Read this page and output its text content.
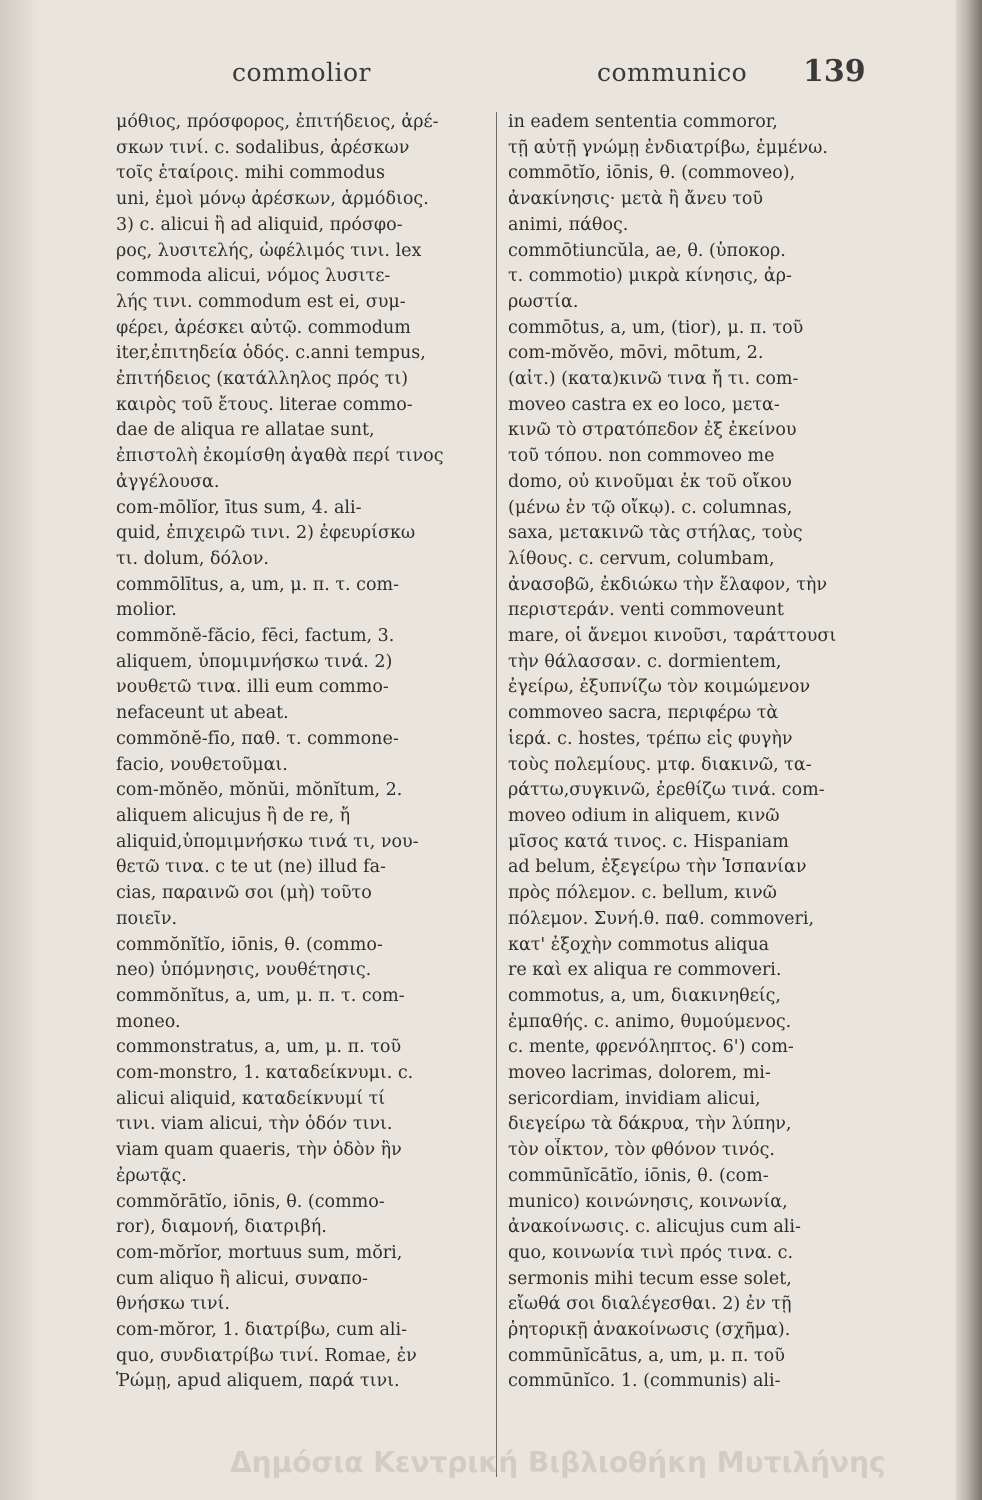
commolior	communico 139
μόθιος, πρόσφορος, ἐπιτήδειος, ἀρέ-
σκων τινί. c. sodalibus, ἀρέσκων
τοῖς ἑταίροις. mihi commodus
uni, ἐμοὶ μόνῳ ἀρέσκων, ἁρμόδιος.
3) c. alicui ἢ ad aliquid, πρόσφο-
ρος, λυσιτελής, ὠφέλιμός τινι. lex
commoda alicui, νόμος λυσιτε-
λής τινι. commodum est ei, συμ-
φέρει, ἀρέσκει αὐτῷ. commodum
iter,ἐπιτηδεία ὁδός. c.anni tempus,
ἐπιτήδειος (κατάλληλος πρός τι)
καιρὸς τοῦ ἔτους. literae commo-
dae de aliqua re allatae sunt,
ἐπιστολὴ ἐκομίσθη ἀγαθὰ περί τινος
ἀγγέλουσα.
com-mōlĭor, ītus sum, 4. ali-
quid, ἐπιχειρῶ τινι. 2) ἐφευρίσκω
τι. dolum, δόλον.
commōlītus, a, um, μ. π. τ. com-
molior.
commŏnĕ-făcio, fēci, factum, 3.
aliquem, ὑπομιμνήσκω τινά. 2)
νουθετῶ τινα. illi eum commo-
nefaceunt ut abeat.
commŏnĕ-fīo, παθ. τ. commone-
facio, νουθετοῦμαι.
com-mŏnĕo, mŏnŭi, mŏnĭtum, 2.
aliquem alicujus ἢ de re, ἤ
aliquid,ὑπομιμνήσκω τινά τι, νου-
θετῶ τινα. c te ut (ne) illud fa-
cias, παραινῶ σοι (μὴ) τοῦτο
ποιεῖν.
commŏnĭtĭo, iōnis, θ. (commo-
neo) ὑπόμνησις, νουθέτησις.
commŏnĭtus, a, um, μ. π. τ. com-
moneo.
commonstratus, a, um, μ. π. τοῦ
com-monstro, 1. καταδείκνυμι. c.
alicui aliquid, καταδείκνυμί τί
τινι. viam alicui, τὴν ὁδόν τινι.
viam quam quaeris, τὴν ὁδὸν ἣν
ἐρωτᾷς.
commŏrātĭo, iōnis, θ. (commo-
ror), διαμονή, διατριβή.
com-mŏrĭor, mortuus sum, mŏri,
cum aliquo ἢ alicui, συναπο-
θνήσκω τινί.
com-mŏror, 1. διατρίβω, cum ali-
quo, συνδιατρίβω τινί. Romae, ἐν
Ῥώμῃ, apud aliquem, παρά τινι.
in eadem sententia commoror,
τῇ αὐτῇ γνώμῃ ἐνδιατρίβω, ἐμμένω.
commōtĭo, iōnis, θ. (commoveo),
ἀνακίνησις· μετὰ ἢ ἄνευ τοῦ
animi, πάθος.
commōtiuncŭla, ae, θ. (ὑποκορ.
τ. commotio) μικρὰ κίνησις, ἀρ-
ρωστία.
commōtus, a, um, (tior), μ. π. τοῦ
com-mŏvĕo, mōvi, mōtum, 2.
(αἰτ.) (κατα)κινῶ τινα ἤ τι. com-
moveo castra ex eo loco, μετα-
κινῶ τὸ στρατόπεδον ἐξ ἐκείνου
τοῦ τόπου. non commoveo me
domo, οὐ κινοῦμαι ἐκ τοῦ οἴκου
(μένω ἐν τῷ οἴκῳ). c. columnas,
saxa, μετακινῶ τὰς στήλας, τοὺς
λίθους. c. cervum, columbam,
ἀνασοβῶ, ἐκδιώκω τὴν ἔλαφον, τὴν
περιστεράν. venti commoveunt
mare, οἱ ἄνεμοι κινοῦσι, ταράττουσι
τὴν θάλασσαν. c. dormientem,
ἐγείρω, ἐξυπνίζω τὸν κοιμώμενον
commoveo sacra, περιφέρω τὰ
ἱερά. c. hostes, τρέπω εἰς φυγὴν
τοὺς πολεμίους. μτφ. διακινῶ, τα-
ράττω,συγκινῶ, ἐρεθίζω τινά. com-
moveo odium in aliquem, κινῶ
μῖσος κατά τινος. c. Hispaniam
ad belum, ἐξεγείρω τὴν Ἱσπανίαν
πρὸς πόλεμον. c. bellum, κινῶ
πόλεμον. Συνή.θ. παθ. commoveri,
κατ' ἐξοχὴν commotus aliqua
re καὶ ex aliqua re commoveri.
commotus, a, um, διακινηθείς,
ἐμπαθής. c. animo, θυμούμενος.
c. mente, φρενόληπτος. 6') com-
moveo lacrimas, dolorem, mi-
sericordiam, invidiam alicui,
διεγείρω τὰ δάκρυα, τὴν λύπην,
τὸν οἶκτον, τὸν φθόνον τινός.
commūnĭcātĭo, iōnis, θ. (com-
munico) κοινώνησις, κοινωνία,
ἀνακοίνωσις. c. alicujus cum ali-
quo, κοινωνία τινὶ πρός τινα. c.
sermonis mihi tecum esse solet,
εἴωθά σοι διαλέγεσθαι. 2) ἐν τῇ
ῥητορικῇ ἀνακοίνωσις (σχῆμα).
commūnĭcātus, a, um, μ. π. τοῦ
commūnĭco. 1. (communis) ali-
Δημόσια Κεντρική Βιβλιοθήκη Μυτιλήνης
